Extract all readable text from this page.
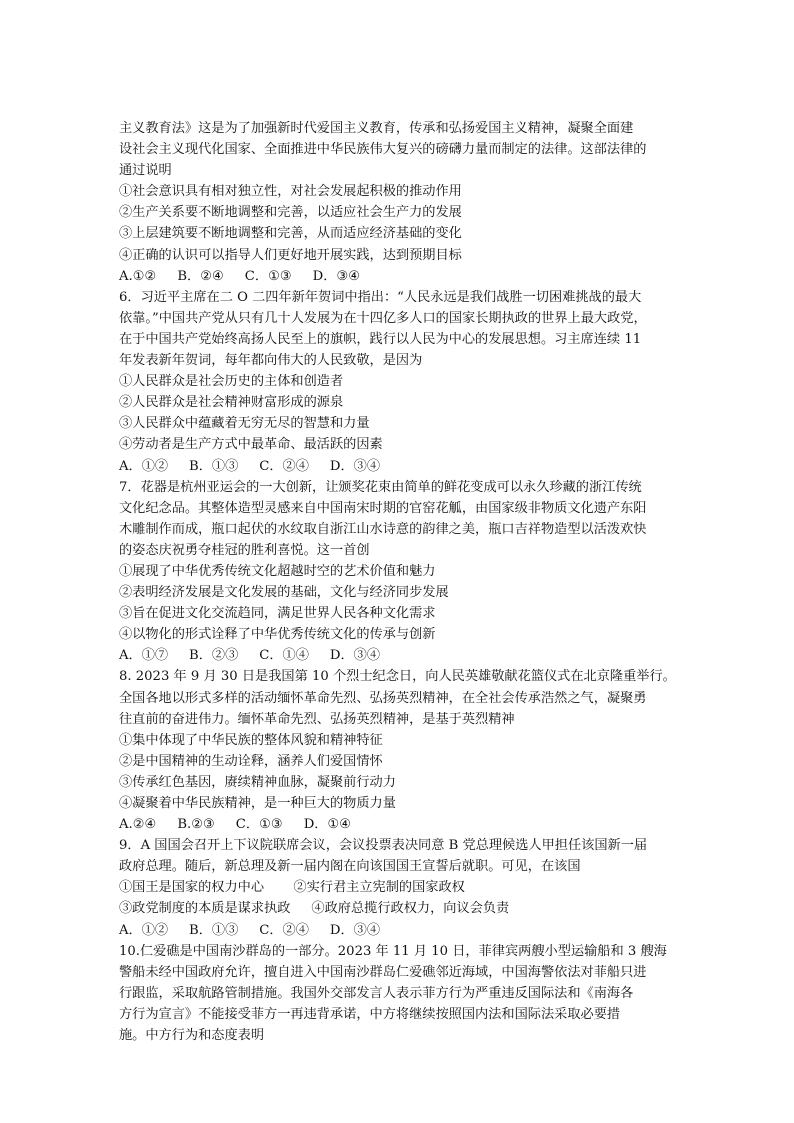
主义教育法》这是为了加强新时代爱国主义教育，传承和弘扬爱国主义精神，凝聚全面建
设社会主义现代化国家、全面推进中华民族伟大复兴的磅礴力量而制定的法律。这部法律的
通过说明
①社会意识具有相对独立性，对社会发展起积极的推动作用
②生产关系要不断地调整和完善，以适应社会生产力的发展
③上层建筑要不断地调整和完善，从而适应经济基础的变化
④正确的认识可以指导人们更好地开展实践，达到预期目标
A.①②     B．②④     C．①③     D．③④
6．习近平主席在二 O 二四年新年贺词中指出：“人民永远是我们战胜一切困难挑战的最大
依靠。”中国共产党从只有几十人发展为在十四亿多人口的国家长期执政的世界上最大政党，
在于中国共产党始终高扬人民至上的旗帜，践行以人民为中心的发展思想。习主席连续 11
年发表新年贺词，每年都向伟大的人民致敬，是因为
①人民群众是社会历史的主体和创造者
②人民群众是社会精神财富形成的源泉
③人民群众中蕴藏着无穷无尽的智慧和力量
④劳动者是生产方式中最革命、最活跃的因素
A．①②     B．①③     C．②④     D．③④
7．花器是杭州亚运会的一大创新，让颁奖花束由简单的鲜花变成可以永久珍藏的浙江传统
文化纪念品。其整体造型灵感来自中国南宋时期的官窑花觚，由国家级非物质文化遗产东阳
木雕制作而成，瓶口起伏的水纹取自浙江山水诗意的韵律之美，瓶口吉祥物造型以活泼欢快
的姿态庆祝勇夺桂冠的胜利喜悦。这一首创
①展现了中华优秀传统文化超越时空的艺术价值和魅力
②表明经济发展是文化发展的基础，文化与经济同步发展
③旨在促进文化交流趋同，满足世界人民各种文化需求
④以物化的形式诠释了中华优秀传统文化的传承与创新
A．①⑦     B．②③     C．①④     D．③④
8. 2023 年 9 月 30 日是我国第 10 个烈士纪念日，向人民英雄敬献花篮仪式在北京隆重举行。
全国各地以形式多样的活动缅怀革命先烈、弘扬英烈精神，在全社会传承浩然之气，凝聚勇
往直前的奋进伟力。缅怀革命先烈、弘扬英烈精神，是基于英烈精神
①集中体现了中华民族的整体风貌和精神特征
②是中国精神的生动诠释，涵养人们爱国情怀
③传承红色基因，赓续精神血脉，凝聚前行动力
④凝聚着中华民族精神，是一种巨大的物质力量
A.②④     B.②③     C．①③     D．①④
9．A 国国会召开上下议院联席会议，会议投票表决同意 B 党总理候选人甲担任该国新一届
政府总理。随后，新总理及新一届内阁在向该国国王宣誓后就职。可见，在该国
①国王是国家的权力中心       ②实行君主立宪制的国家政权
③政党制度的本质是谋求执政     ④政府总揽行政权力，向议会负责
A．①②     B．①③     C．②④     D．③④
10.仁爱礁是中国南沙群岛的一部分。2023 年 11 月 10 日，菲律宾两艘小型运输船和 3 艘海
警船未经中国政府允许，擅自进入中国南沙群岛仁爱礁邻近海域，中国海警依法对菲船只进
行跟监，采取航路管制措施。我国外交部发言人表示菲方行为严重违反国际法和《南海各
方行为宣言》不能接受菲方一再违背承诺，中方将继续按照国内法和国际法采取必要措
施。中方行为和态度表明
